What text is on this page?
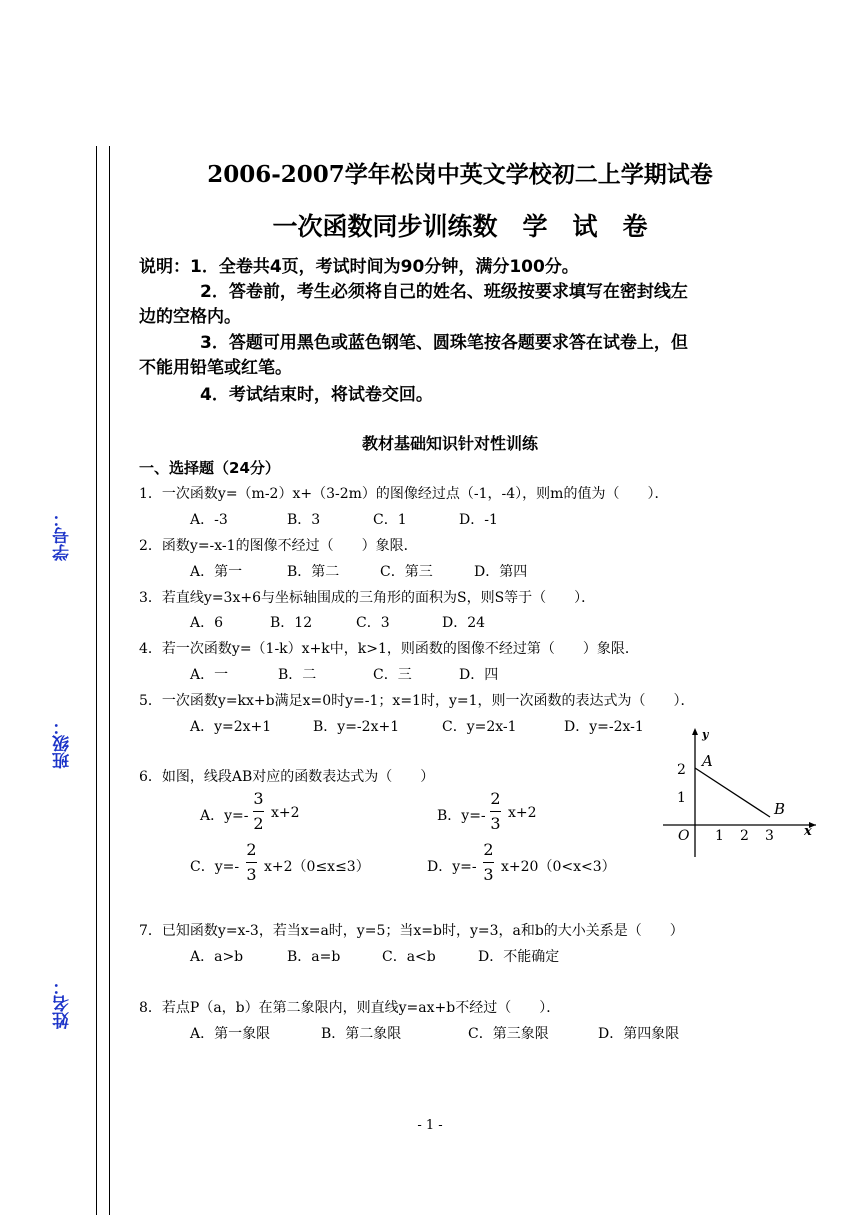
学号：
班级：
姓名：
2006-2007学年松岗中英文学校初二上学期试卷
一次函数同步训练数　学　试　卷
说明：1．全卷共4页，考试时间为90分钟，满分100分。
2．答卷前，考生必须将自己的姓名、班级按要求填写在密封线左
边的空格内。
3．答题可用黑色或蓝色钢笔、圆珠笔按各题要求答在试卷上，但
不能用铅笔或红笔。
4．考试结束时，将试卷交回。
教材基础知识针对性训练
一、选择题（24分）
1．一次函数y=（m-2）x+（3-2m）的图像经过点（-1，-4），则m的值为（　　）．
A．-3	B．3	C．1	D．-1
2．函数y=-x-1的图像不经过（　　）象限．
A．第一	B．第二	C．第三	D．第四
3．若直线y=3x+6与坐标轴围成的三角形的面积为S，则S等于（　　）．
A．6	B．12	C．3	D．24
4．若一次函数y=（1-k）x+k中，k>1，则函数的图像不经过第（　　）象限．
A．一	B．二	C．三	D．四
5．一次函数y=kx+b满足x=0时y=-1；x=1时，y=1，则一次函数的表达式为（　　）．
A．y=2x+1	B．y=-2x+1	C．y=2x-1	D．y=-2x-1
6．如图，线段AB对应的函数表达式为（　　）
A．y=-
3
2
x+2	B．y=-
2
3
x+2
C．y=-
2
3 x+2（0≤x≤3）	D．y=-
2
3 x+20（0<x<3）
y
x
O 1 2 3
1
2 A
B
7．已知函数y=x-3，若当x=a时，y=5；当x=b时，y=3，a和b的大小关系是（　　）
A．a>b	B．a=b	C．a<b	D．不能确定
8．若点P（a，b）在第二象限内，则直线y=ax+b不经过（　　）．
A．第一象限	B．第二象限	C．第三象限	D．第四象限
- 1 -
